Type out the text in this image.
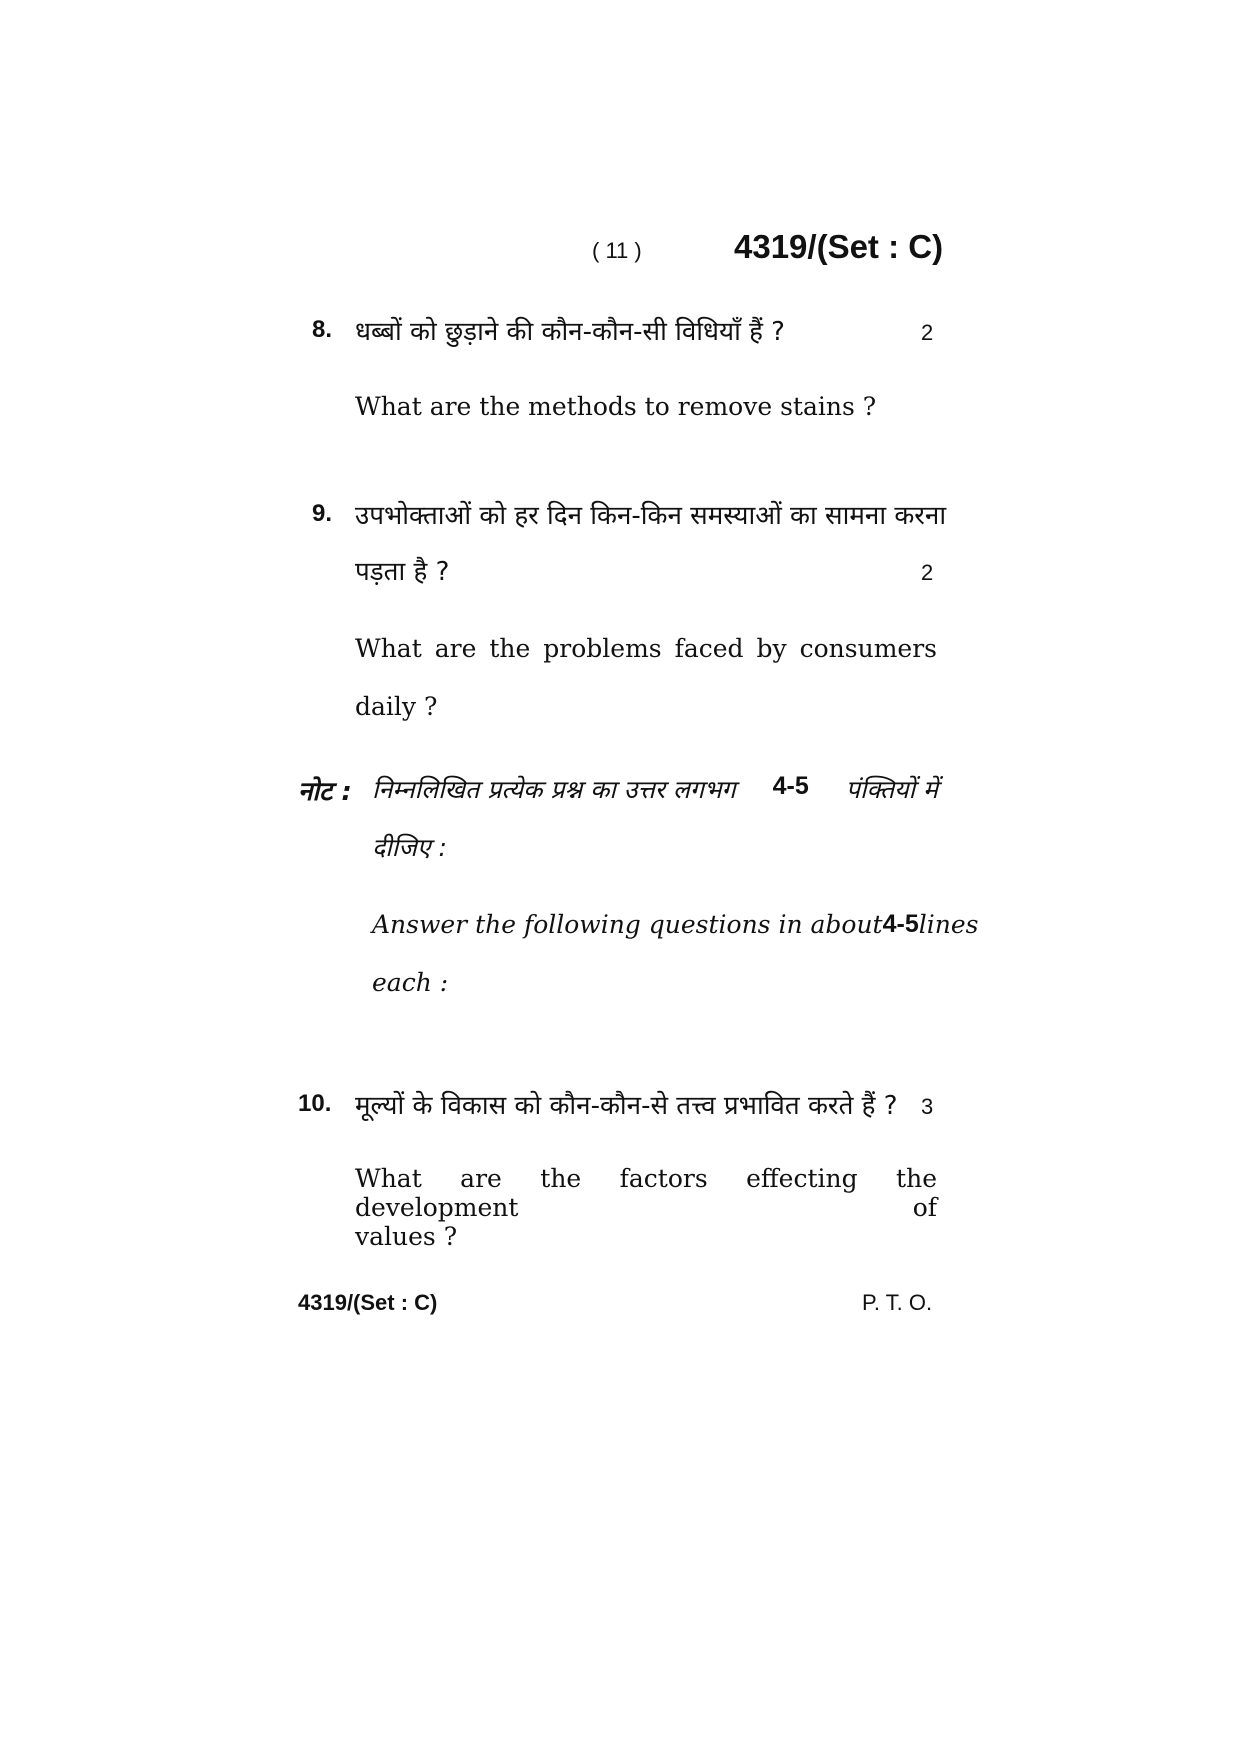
( 11 )	4319/(Set : C)
8. धब्बों को छुड़ाने की कौन-कौन-सी विधियाँ हैं ?	2
What are the methods to remove stains ?
9. उपभोक्ताओं को हर दिन किन-किन समस्याओं का सामना करना
पड़ता है ?	2
What are the problems faced by consumers
daily ?
नोट : निम्नलिखित प्रत्येक प्रश्न का उत्तर लगभग 4-5 पंक्तियों में
दीजिए :
Answer the following questions in about 4-5 lines
each :
10. मूल्यों के विकास को कौन-कौन-से तत्त्व प्रभावित करते हैं ? 3
What are the factors effecting the development of
values ?
4319/(Set : C)	P. T. O.
